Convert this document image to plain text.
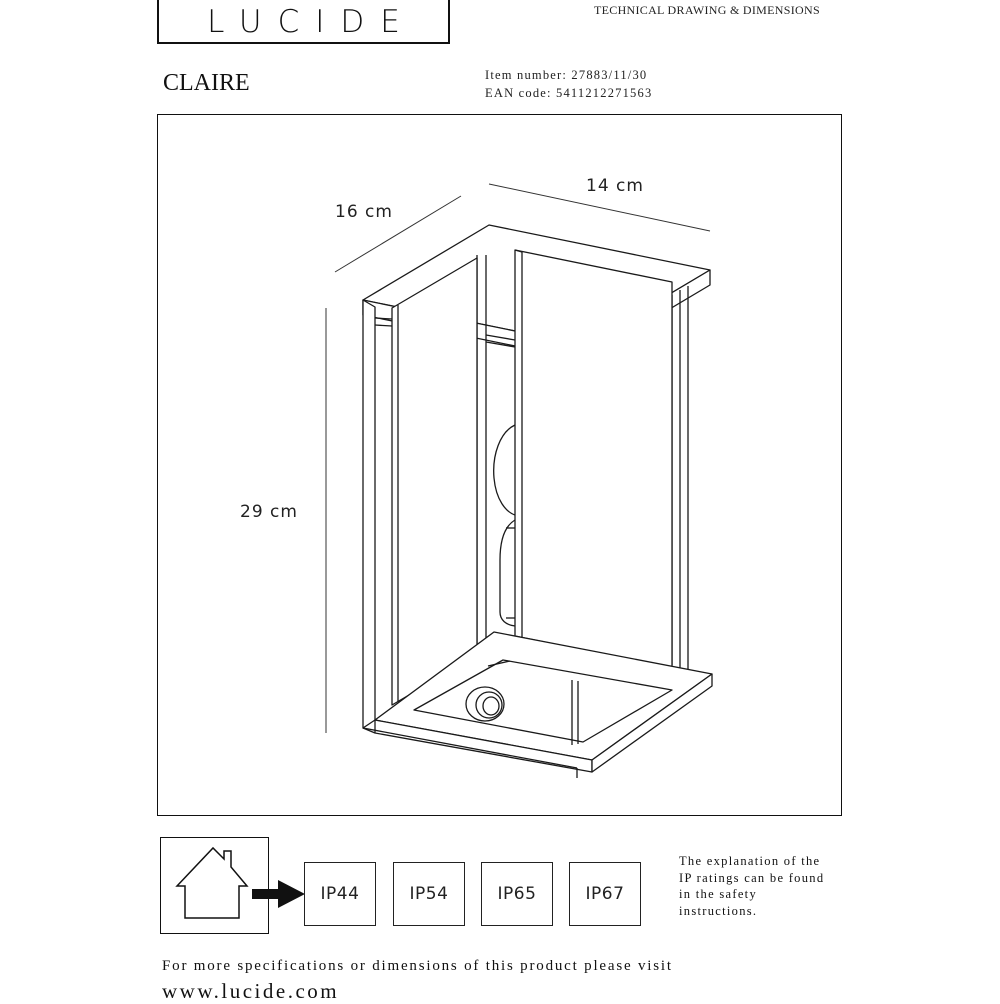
LUCIDE	TECHNICAL DRAWING & DIMENSIONS
CLAIRE	Item number: 27883/11/30
EAN code: 5411212271563
14 cm
16 cm
29 cm
IP44	IP54	IP65	IP67
The explanation of the
IP ratings can be found
in the safety
instructions.
For more specifications or dimensions of this product please visit
www.lucide.com
